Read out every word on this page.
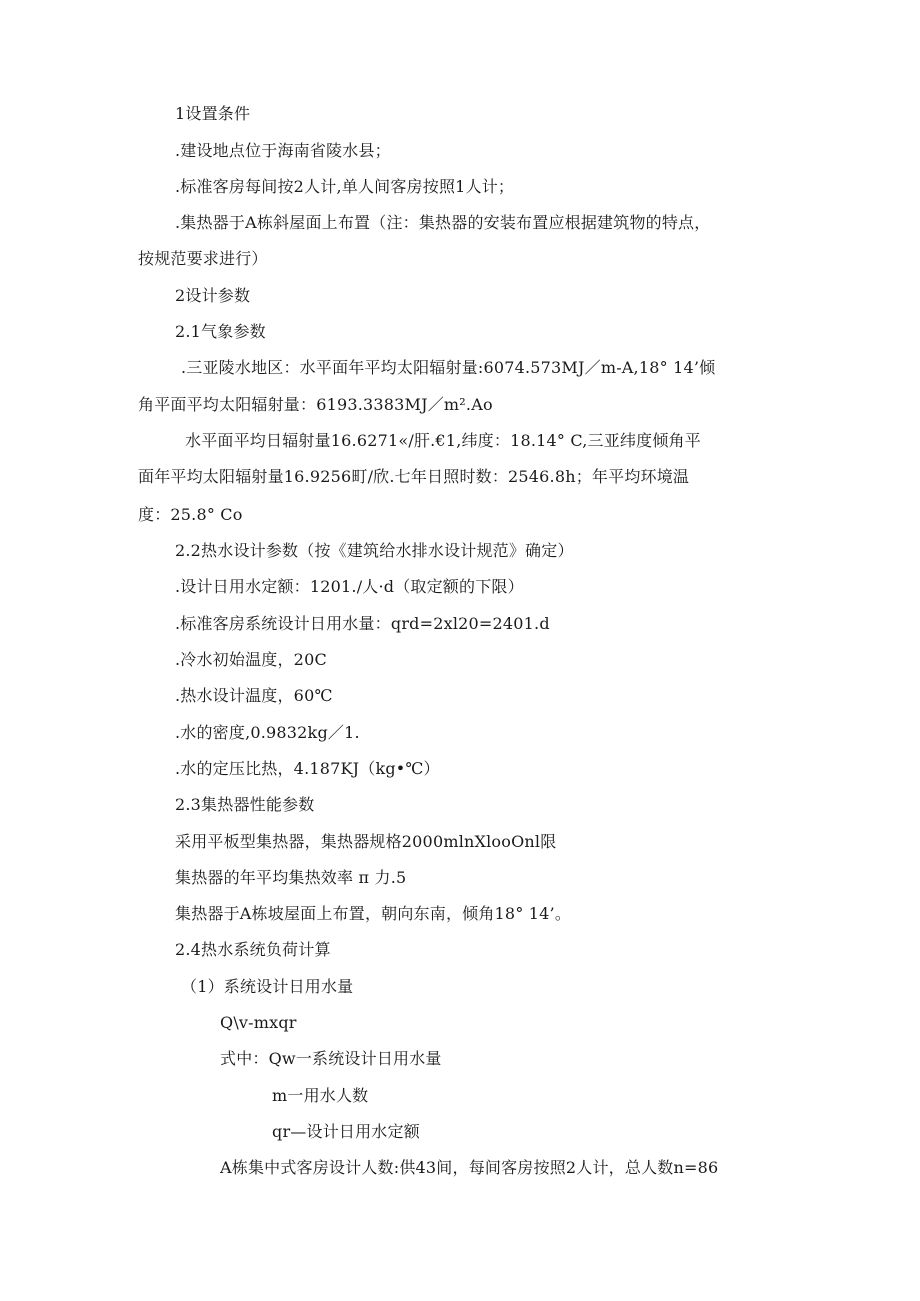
1设置条件
.建设地点位于海南省陵水县；
.标准客房每间按2人计,单人间客房按照1人计；
.集热器于A栋斜屋面上布置（注：集热器的安装布置应根据建筑物的特点，
按规范要求进行）
2设计参数
2.1气象参数
.三亚陵水地区：水平面年平均太阳辐射量:6074.573MJ／m-A,18° 14’倾
角平面平均太阳辐射量：6193.3383MJ／m².Ao
水平面平均日辐射量16.6271«/肝.€1,纬度：18.14° C,三亚纬度倾角平
面年平均太阳辐射量16.9256町/欣.七年日照时数：2546.8h；年平均环境温
度：25.8° Co
2.2热水设计参数（按《建筑给水排水设计规范》确定）
.设计日用水定额：1201./人·d（取定额的下限）
.标准客房系统设计日用水量：qrd=2xl20=2401.d
.冷水初始温度，20C
.热水设计温度，60℃
.水的密度,0.9832kg／1.
.水的定压比热，4.187KJ（kg•℃）
2.3集热器性能参数
采用平板型集热器，集热器规格2000mlnXlooOnl限
集热器的年平均集热效率 π 力.5
集热器于A栋坡屋面上布置，朝向东南，倾角18° 14’。
2.4热水系统负荷计算
（1）系统设计日用水量
Q\v-mxqr
式中：Qw一系统设计日用水量
m一用水人数
qr—设计日用水定额
A栋集中式客房设计人数:供43间，每间客房按照2人计，总人数n=86
